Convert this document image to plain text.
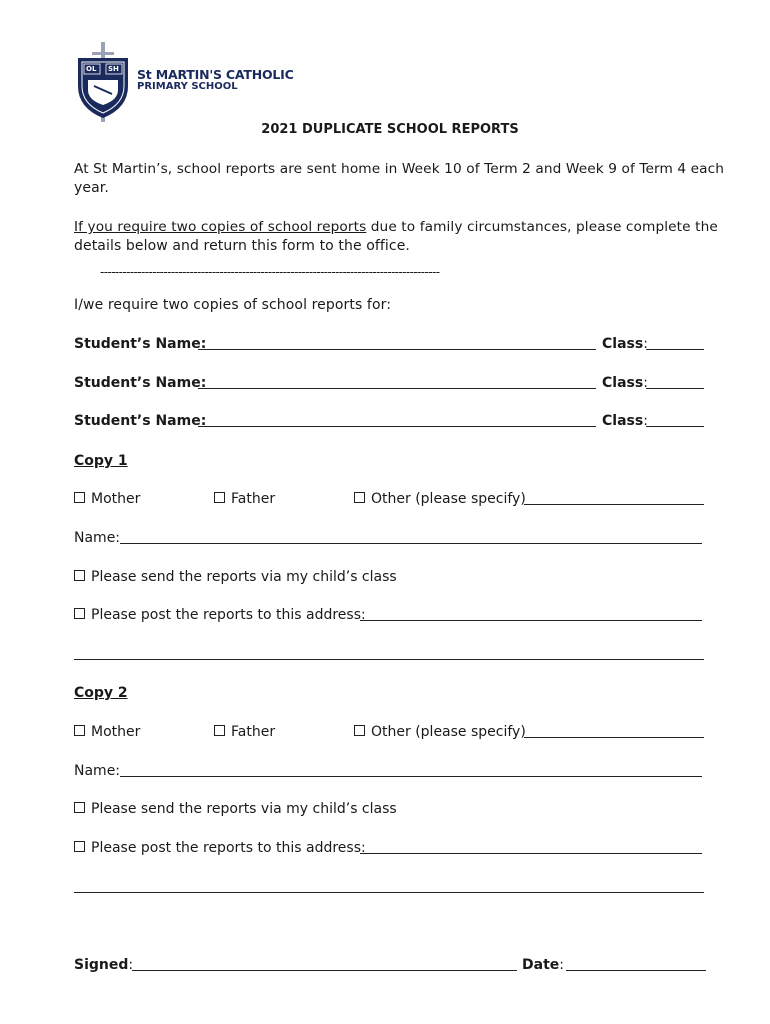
OL SH St MARTIN'S CATHOLIC
PRIMARY SCHOOL
2021 DUPLICATE SCHOOL REPORTS
At St Martin’s, school reports are sent home in Week 10 of Term 2 and Week 9 of Term 4 each
year.
If you require two copies of school reports due to family circumstances, please complete the
details below and return this form to the office.
-------------------------------------------------------------------------------------------
I/we require two copies of school reports for:
Student’s Name:	Class:
Student’s Name:	Class:
Student’s Name:	Class:
Copy 1
Mother	Father	Other (please specify)
Name:
Please send the reports via my child’s class
Please post the reports to this address:
Copy 2
Mother	Father	Other (please specify)
Name:
Please send the reports via my child’s class
Please post the reports to this address:
Signed:	Date:
